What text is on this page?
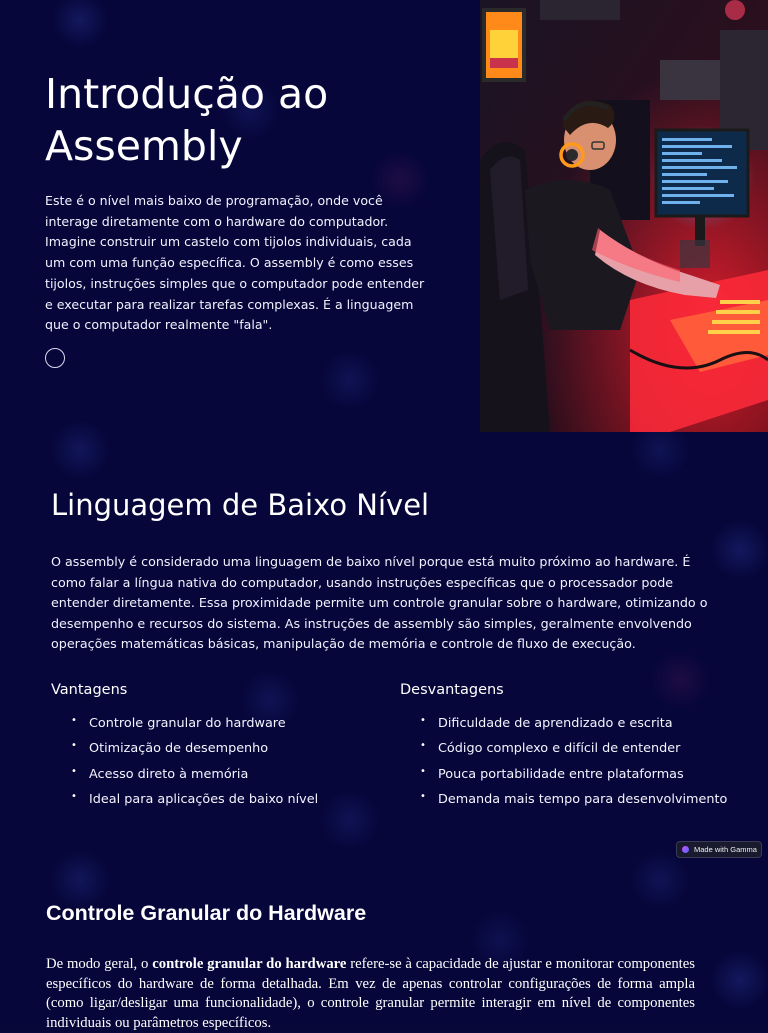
Introdução ao Assembly

Este é o nível mais baixo de programação, onde você interage diretamente com o hardware do computador. Imagine construir um castelo com tijolos individuais, cada um com uma função específica. O assembly é como esses tijolos, instruções simples que o computador pode entender e executar para realizar tarefas complexas. É a linguagem que o computador realmente "fala".

Linguagem de Baixo Nível

O assembly é considerado uma linguagem de baixo nível porque está muito próximo ao hardware. É como falar a língua nativa do computador, usando instruções específicas que o processador pode entender diretamente. Essa proximidade permite um controle granular sobre o hardware, otimizando o desempenho e recursos do sistema. As instruções de assembly são simples, geralmente envolvendo operações matemáticas básicas, manipulação de memória e controle de fluxo de execução.

Vantagens
• Controle granular do hardware
• Otimização de desempenho
• Acesso direto à memória
• Ideal para aplicações de baixo nível
Desvantagens
• Dificuldade de aprendizado e escrita
• Código complexo e difícil de entender
• Pouca portabilidade entre plataformas
• Demanda mais tempo para desenvolvimento
Made with Gamma
Controle Granular do Hardware

De modo geral, o controle granular do hardware refere-se à capacidade de ajustar e monitorar componentes específicos do hardware de forma detalhada. Em vez de apenas controlar configurações de forma ampla (como ligar/desligar uma funcionalidade), o controle granular permite interagir em nível de componentes individuais ou parâmetros específicos.
